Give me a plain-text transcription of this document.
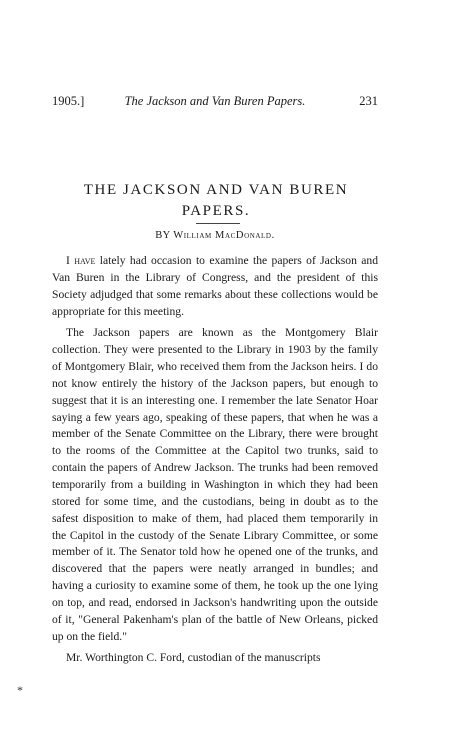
1905.]	The Jackson and Van Buren Papers.	231
THE JACKSON AND VAN BUREN
PAPERS.
BY William MacDonald.

I have lately had occasion to examine the papers of Jackson and Van Buren in the Library of Congress, and the president of this Society adjudged that some remarks about these collections would be appropriate for this meeting.

The Jackson papers are known as the Montgomery Blair collection. They were presented to the Library in 1903 by the family of Montgomery Blair, who received them from the Jackson heirs. I do not know entirely the history of the Jackson papers, but enough to suggest that it is an interesting one. I remember the late Senator Hoar saying a few years ago, speaking of these papers, that when he was a member of the Senate Committee on the Library, there were brought to the rooms of the Committee at the Capitol two trunks, said to contain the papers of Andrew Jackson. The trunks had been removed temporarily from a building in Washington in which they had been stored for some time, and the custodians, being in doubt as to the safest disposition to make of them, had placed them temporarily in the Capitol in the custody of the Senate Library Committee, or some member of it. The Senator told how he opened one of the trunks, and discovered that the papers were neatly arranged in bundles; and having a curiosity to examine some of them, he took up the one lying on top, and read, endorsed in Jackson's handwriting upon the outside of it, "General Pakenham's plan of the battle of New Orleans, picked up on the field."

Mr. Worthington C. Ford, custodian of the manuscripts

*
